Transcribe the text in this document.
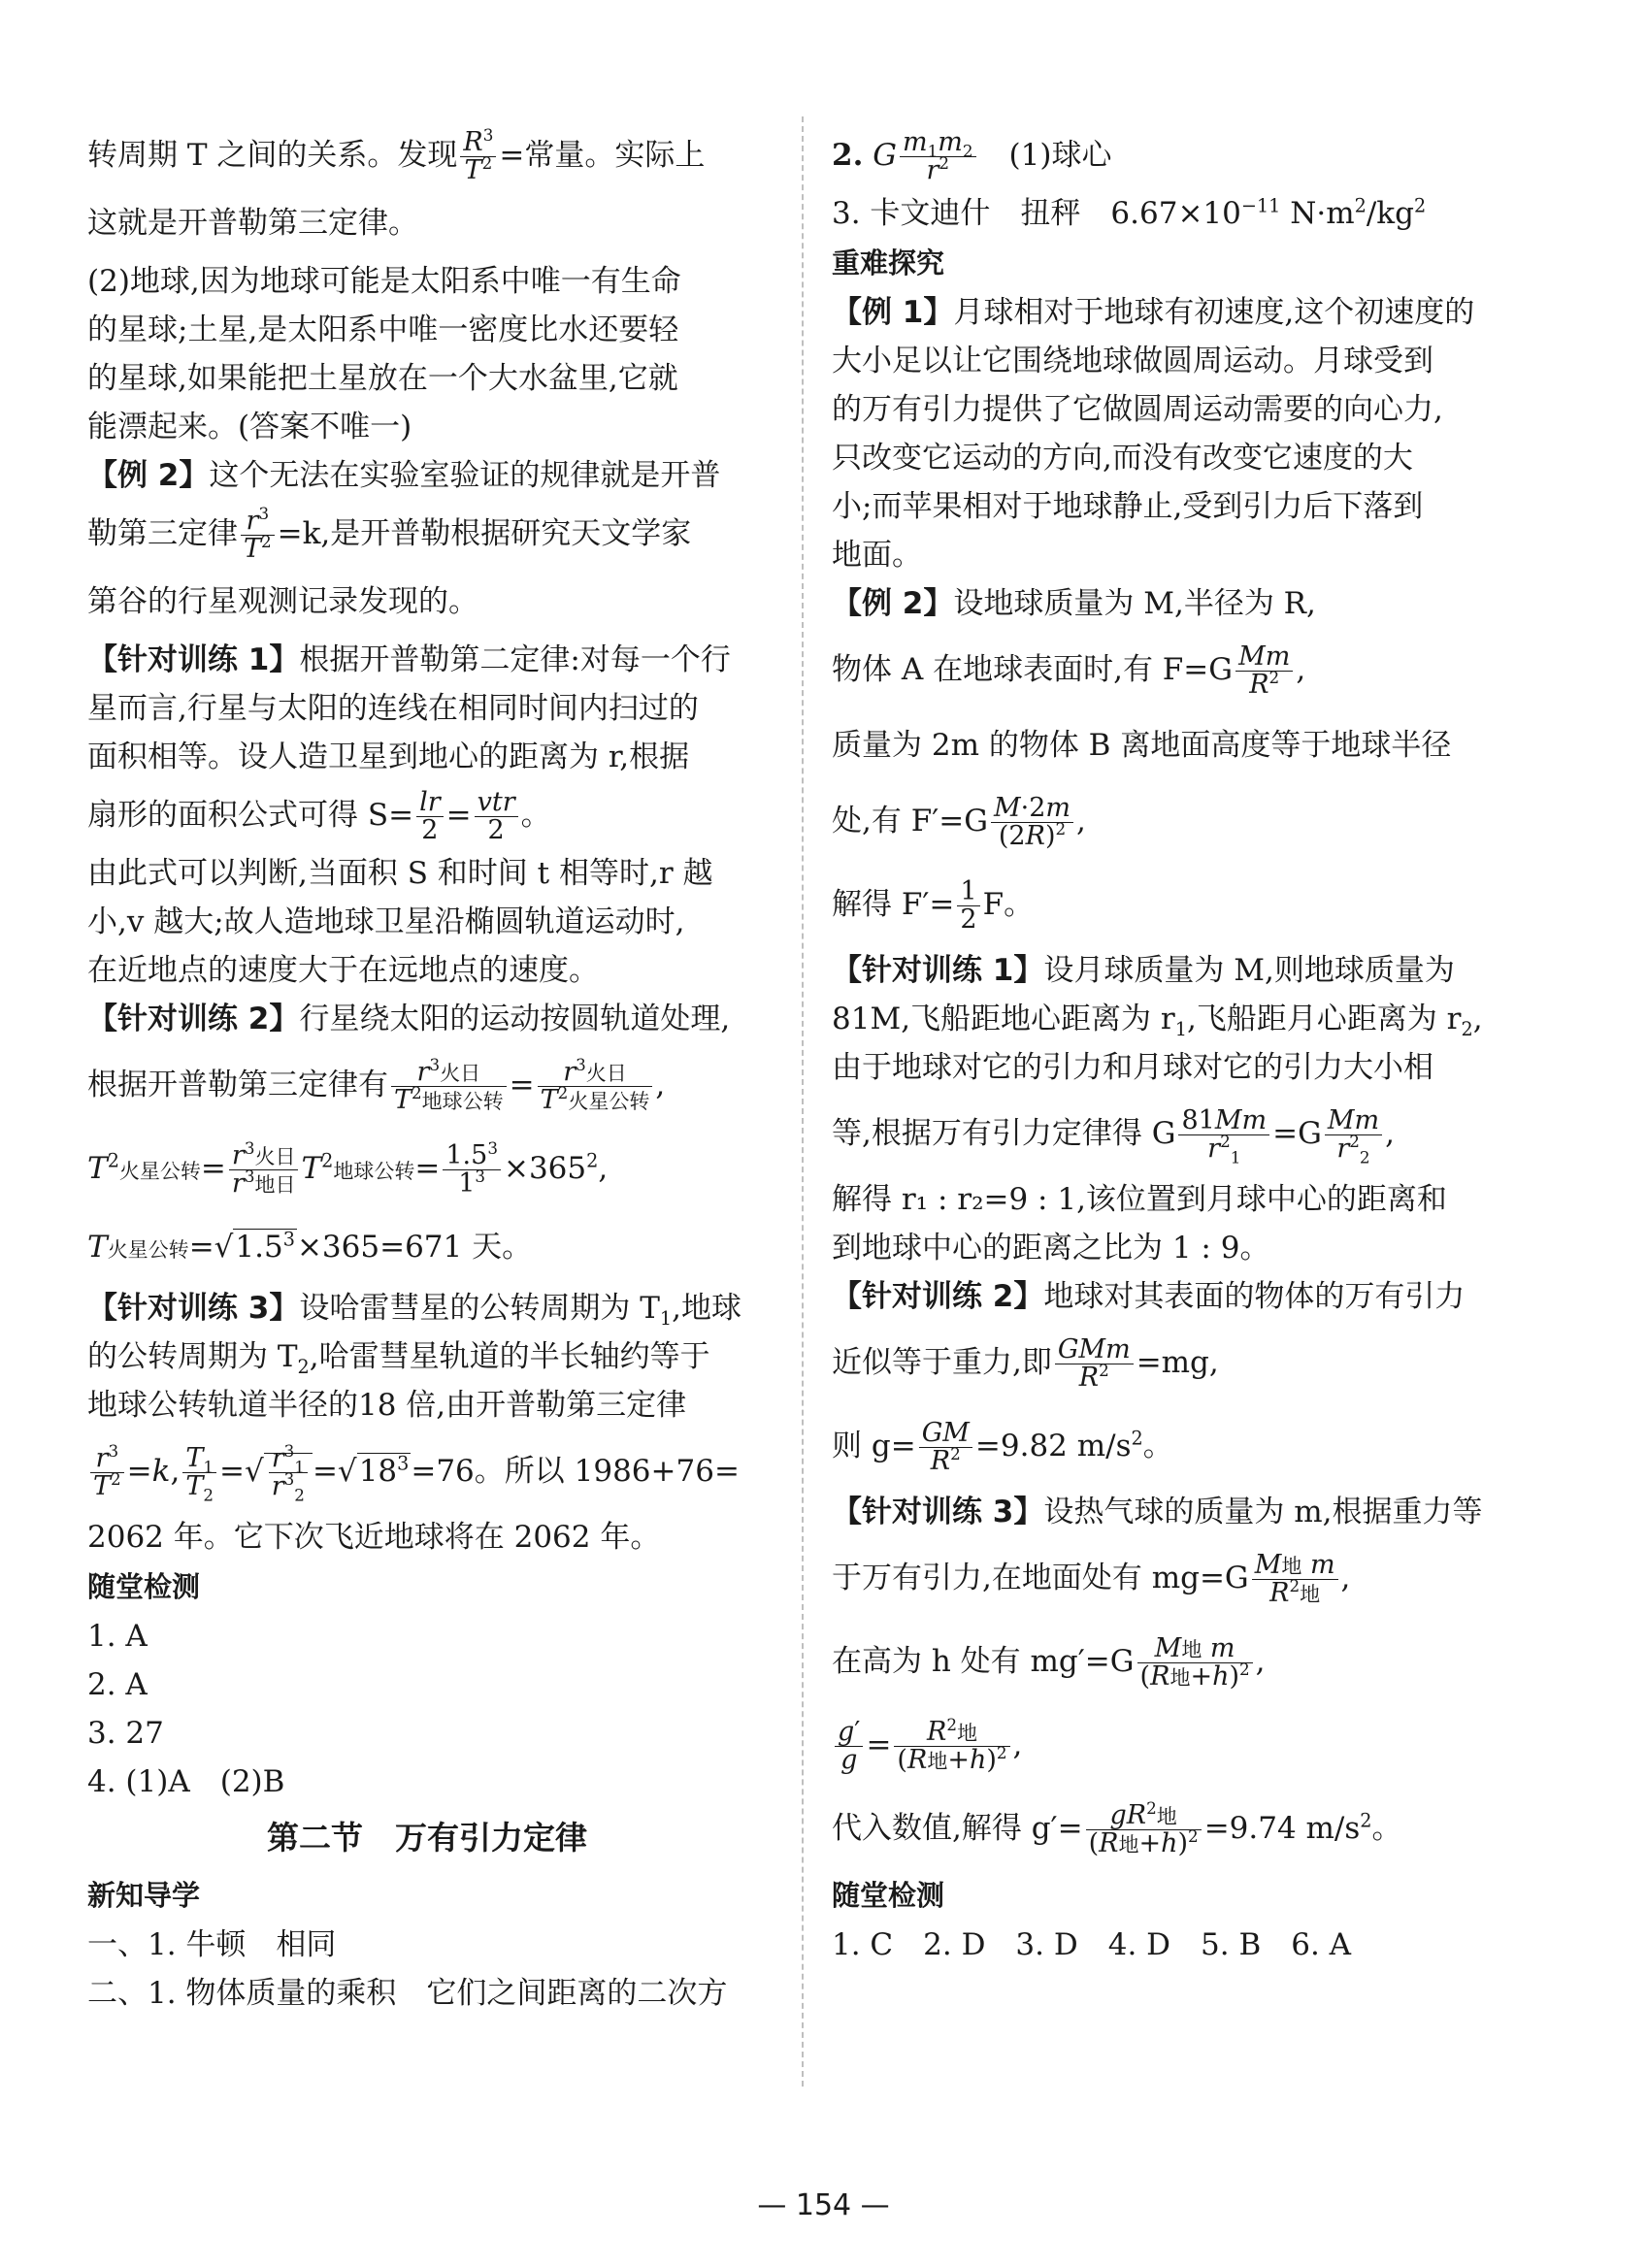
转周期 T 之间的关系。发现 $\frac{R^3}{T^2}$ =常量。实际上

这就是开普勒第三定律。

(2)地球,因为地球可能是太阳系中唯一有生命

的星球;土星,是太阳系中唯一密度比水还要轻

的星球,如果能把土星放在一个大水盆里,它就

能漂起来。(答案不唯一)

【例 2】这个无法在实验室验证的规律就是开普

勒第三定律 $\frac{r^3}{T^2} =k$,是开普勒根据研究天文学家

第谷的行星观测记录发现的。

【针对训练 1】根据开普勒第二定律:对每一个行

星而言,行星与太阳的连线在相同时间内扫过的

面积相等。设人造卫星到地心的距离为 r,根据

扇形的面积公式可得 $S= \frac{lr}{2} = \frac{\text{vtr}}{2}$ 。

由此式可以判断,当面积 S 和时间 t 相等时,r 越

小,v 越大;故人造地球卫星沿椭圆轨道运动时,

在近地点的速度大于在远地点的速度。

【针对训练 2】行星绕太阳的运动按圆轨道处理,

根据开普勒第三定律有 $\frac{r^3火日}{T^2地球公转} = \frac{r^3火日}{T^2火星公转}$ ,

$T^2$火星公转= $\frac{r^3火日}{r^3地日} T^2$地球公转= $\frac{1.5^3}{1^3} \times 365^2$,

T火星公转$=√1.5^3\times 365=671$ 天。

【针对训练 3】设哈雷彗星的公转周期为 $T_1$,地球

的公转周期为 $T_2$,哈雷彗星轨道的半长轴约等于

地球公转轨道半径的18 倍,由开普勒第三定律

$\frac{r^3}{T^2} =k$, $\frac{T_1}{T_2}$ =√ $\frac{r^3_1}{r^3_2} =√18^3=76$。所以 1986+76=

2062 年。它下次飞近地球将在 2062 年。

随堂检测

1. A

2. A

3. 27

4. (1)A　(2)B

第二节　万有引力定律

新知导学

一、1. 牛顿　相同

二、1. 物体质量的乘积　它们之间距离的二次方

2. G $\frac{m_1m_2}{r^2}$
　 (1)球心

3. 卡文迪什　扭秤　$6.67\times 10^{-11}$ $N\cdot m^2/kg^2$

重难探究

【例 1】月球相对于地球有初速度,这个初速度的

大小足以让它围绕地球做圆周运动。月球受到

的万有引力提供了它做圆周运动需要的向心力,

只改变它运动的方向,而没有改变它速度的大

小;而苹果相对于地球静止,受到引力后下落到

地面。

【例 2】设地球质量为 M,半径为 R,

物体 A 在地球表面时,有 $F=G \frac{Mm}{R^2}$ ,

质量为 2m 的物体 B 离地面高度等于地球半径

处,有 $F'=G \frac{M\cdot 2m}{(2R)^2}$ ,

解得 $F'= \frac{1}{2}$ F。

【针对训练 1】设月球质量为 M,则地球质量为

81M,飞船距地心距离为 $r_1$,飞船距月心距离为 $r_2$,

由于地球对它的引力和月球对它的引力大小相

等,根据万有引力定律得 G $\frac{81Mm}{r^2_1} =G \frac{Mm}{r^2_2}$ ,

解得 r₁ : r₂=9 : 1,该位置到月球中心的距离和

到地球中心的距离之比为 1 : 9。

【针对训练 2】地球对其表面的物体的万有引力

近似等于重力,即 $\frac{\text{GMm}}{R^2} =mg$,

则 $g= \frac{GM}{R^2} =9.82$ $m/s^2$。

【针对训练 3】设热气球的质量为 m,根据重力等

于万有引力,在地面处有 $mg=G \frac{\text{M地 m}}{R^2地}$ ,

在高为 h 处有 $mg'=G \frac{\text{M地 m}}{(R地+h)^2}$ ,

$\frac{g'}{g} = \frac{R^2地}{(R地+h)^2}$ ,

代入数值,解得 $g'= \frac{gR^2地}{(R地+h)^2} =9.74$ $m/s^2$。

随堂检测

1. C　2. D　3. D　4. D　5. B　6. A

— 154 —
